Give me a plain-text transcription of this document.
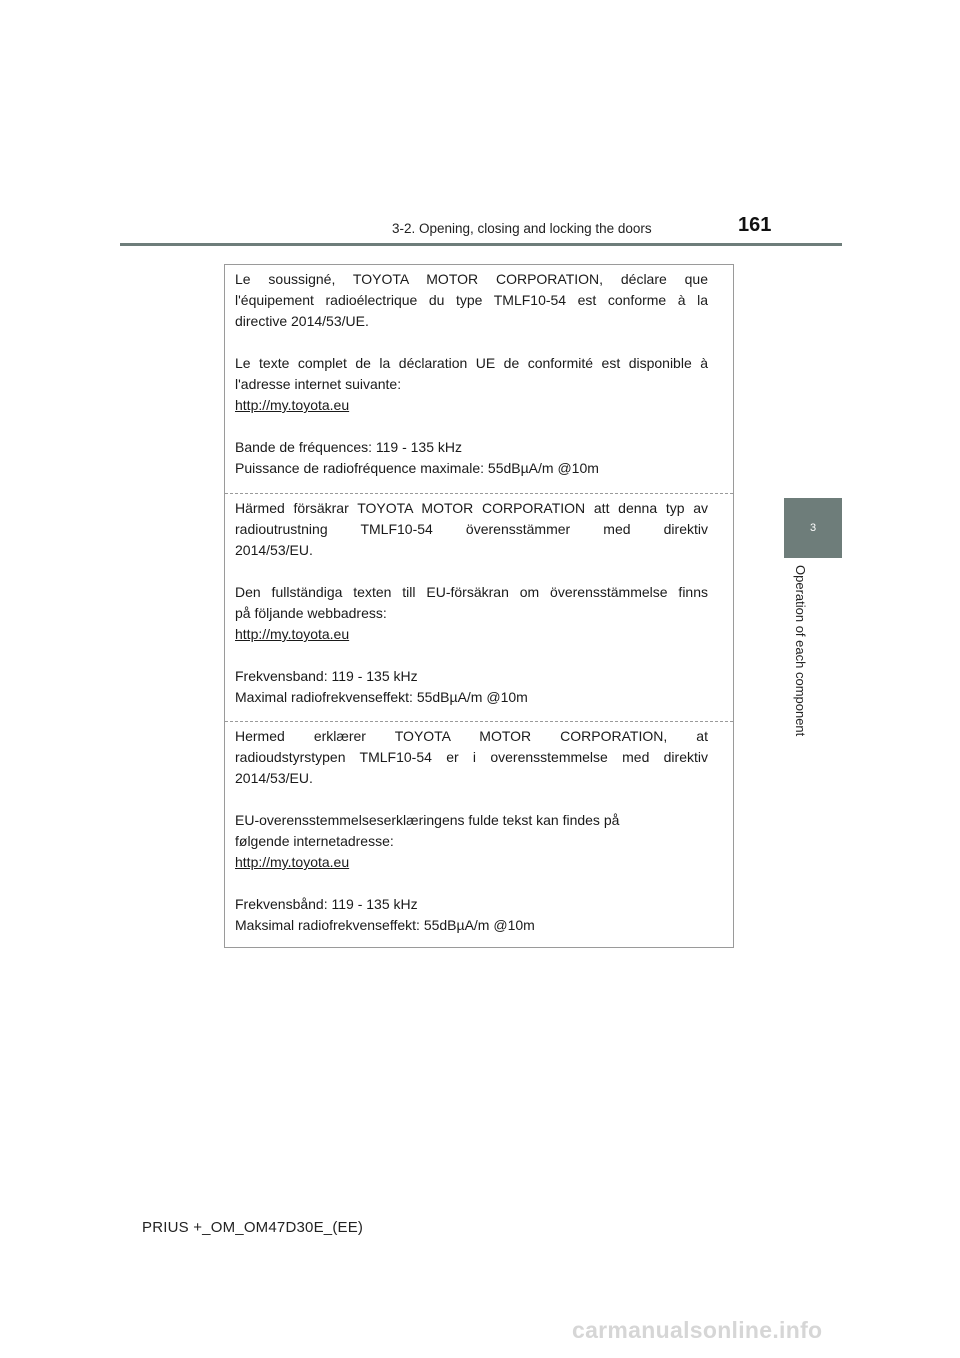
3-2. Opening, closing and locking the doors	161
3
Operation of each component

Le soussigné, TOYOTA MOTOR CORPORATION, déclare que
l'équipement radioélectrique du type TMLF10-54 est conforme à la
directive 2014/53/UE.

Le texte complet de la déclaration UE de conformité est disponible à
l'adresse internet suivante:
http://my.toyota.eu

Bande de fréquences: 119 - 135 kHz
Puissance de radiofréquence maximale: 55dBµA/m @10m

Härmed försäkrar TOYOTA MOTOR CORPORATION att denna typ av
radioutrustning TMLF10-54 överensstämmer med direktiv
2014/53/EU.

Den fullständiga texten till EU-försäkran om överensstämmelse finns
på följande webbadress:
http://my.toyota.eu

Frekvensband: 119 - 135 kHz
Maximal radiofrekvenseffekt: 55dBµA/m @10m

Hermed erklærer TOYOTA MOTOR CORPORATION, at
radioudstyrstypen TMLF10-54 er i overensstemmelse med direktiv
2014/53/EU.

EU-overensstemmelseserklæringens fulde tekst kan findes på
følgende internetadresse:
http://my.toyota.eu

Frekvensbånd: 119 - 135 kHz
Maksimal radiofrekvenseffekt: 55dBµA/m @10m

PRIUS +_OM_OM47D30E_(EE)
carmanualsonline.info
